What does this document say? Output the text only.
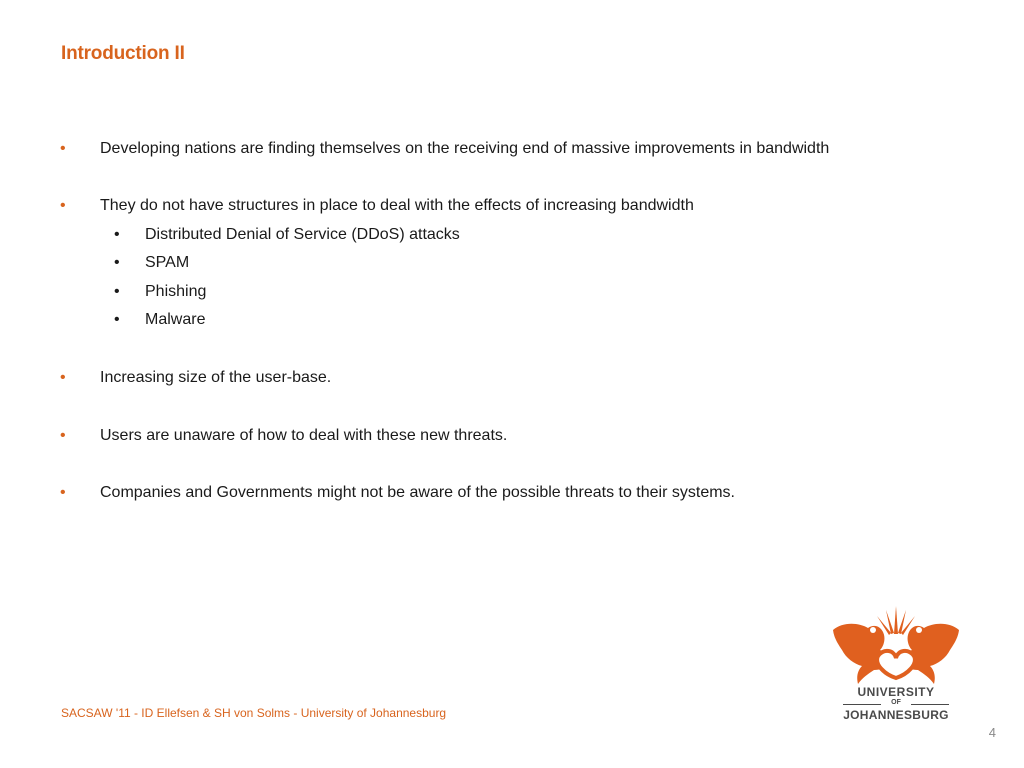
Introduction II
• Developing nations are finding themselves on the receiving end of massive improvements in bandwidth
• They do not have structures in place to deal with the effects of increasing bandwidth
• Distributed Denial of Service (DDoS) attacks
• SPAM
• Phishing
• Malware
• Increasing size of the user-base.
• Users are unaware of how to deal with these new threats.
• Companies and Governments might not be aware of the possible threats to their systems.
UNIVERSITY
OF
JOHANNESBURG
SACSAW '11 - ID Ellefsen & SH von Solms - University of Johannesburg
4
